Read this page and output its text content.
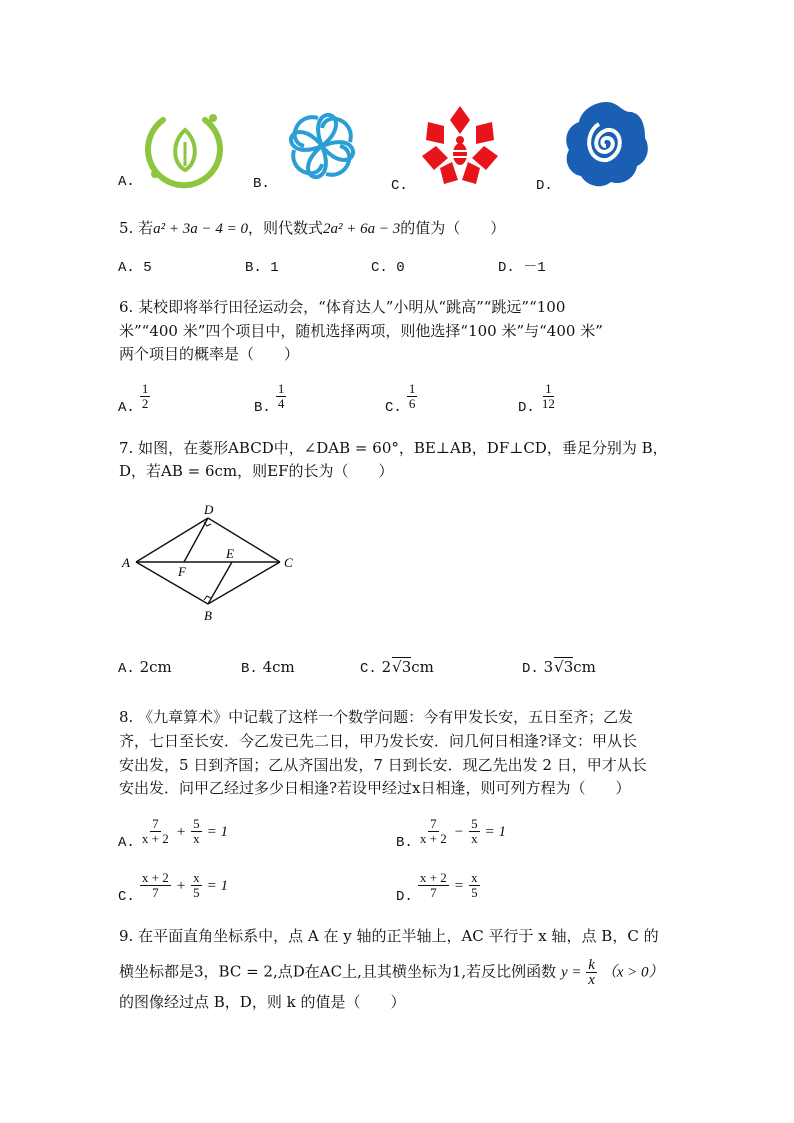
A.	B.	C.	D.
5. 若a² + 3a − 4 = 0，则代数式2a² + 6a − 3的值为（　　）
A. 5	B. 1	C. 0	D. －1
6. 某校即将举行田径运动会，“体育达人”小明从“跳高”“跳远”“100
米”“400 米”四个项目中，随机选择两项，则他选择“100 米”与“400 米”
两个项目的概率是（　　）
A. $\frac{1}{2}$	B. $\frac{1}{4}$	C. $\frac{1}{6}$	D. $\frac{1}{12}$
7. 如图，在菱形ABCD中，∠DAB = 60°，BE⊥AB，DF⊥CD，垂足分别为 B，
D，若AB = 6cm，则EF的长为（　　）
A
D
C
B
E
F
A. 2cm	B. 4cm	C. 2√3cm	D. 3√3cm
8. 《九章算术》中记载了这样一个数学问题：今有甲发长安，五日至齐；乙发
齐，七日至长安．今乙发已先二日，甲乃发长安．问几何日相逢?译文：甲从长
安出发，5 日到齐国；乙从齐国出发，7 日到长安．现乙先出发 2 日，甲才从长
安出发．问甲乙经过多少日相逢?若设甲经过x日相逢，则可列方程为（　　）
A. $\frac{7}{x + 2} + \frac{5}{x} = 1$
B. $\frac{7}{x + 2} - \frac{5}{x} = 1$
C. $\frac{x + 2}{7} + \frac{x}{5} = 1$
D. $\frac{x + 2}{7} = \frac{x}{5}$
9. 在平面直角坐标系中，点 A 在 y 轴的正半轴上，AC 平行于 x 轴，点 B，C 的
横坐标都是3，BC = 2,点D在AC上,且其横坐标为1,若反比例函数 $y = \frac{k}{x} (x > 0)$
的图像经过点 B，D，则 k 的值是（　　）
